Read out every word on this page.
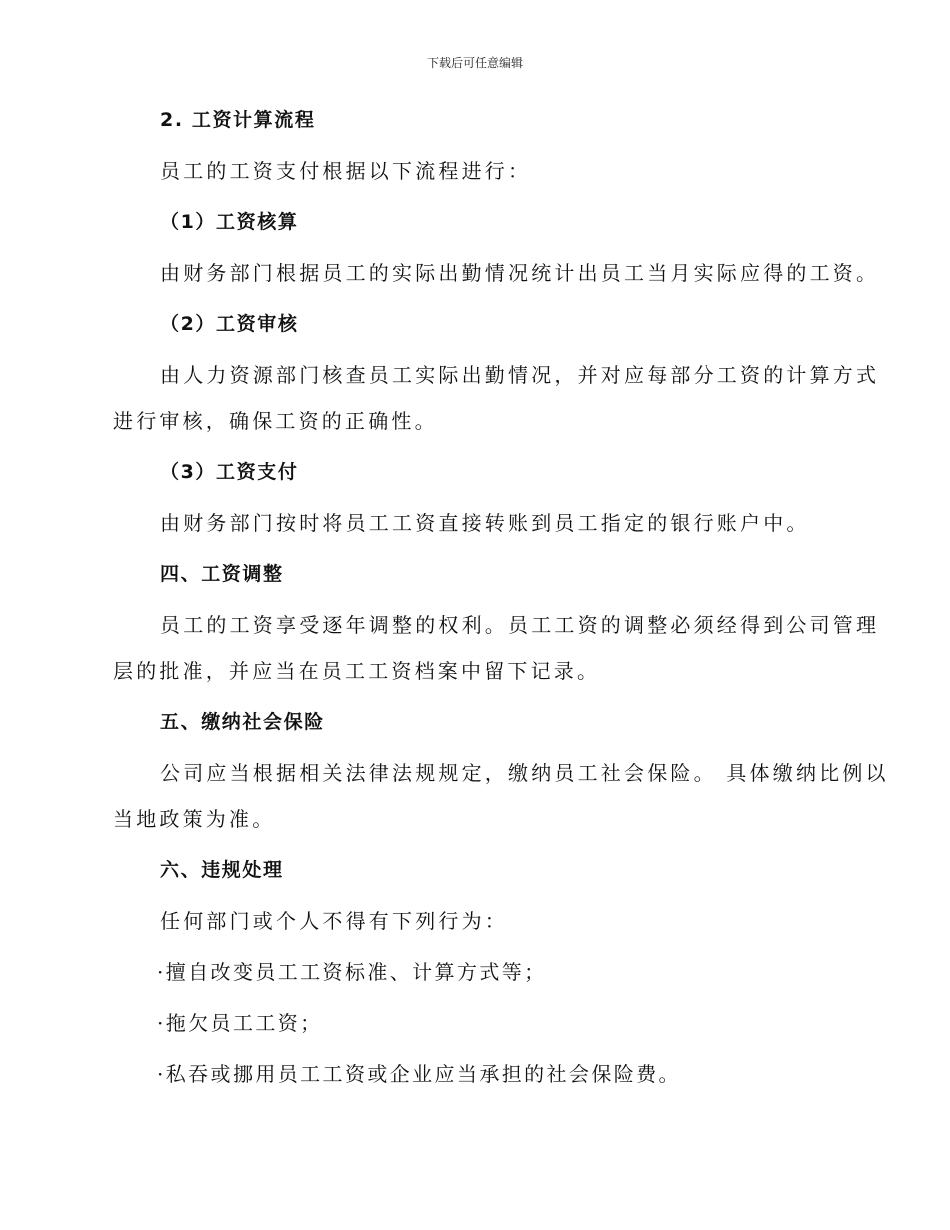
下载后可任意编辑
2. 工资计算流程
员工的工资支付根据以下流程进行：
（1）工资核算
由财务部门根据员工的实际出勤情况统计出员工当月实际应得的工资。
（2）工资审核
由人力资源部门核查员工实际出勤情况，并对应每部分工资的计算方式
进行审核，确保工资的正确性。
（3）工资支付
由财务部门按时将员工工资直接转账到员工指定的银行账户中。
四、工资调整
员工的工资享受逐年调整的权利。员工工资的调整必须经得到公司管理
层的批准，并应当在员工工资档案中留下记录。
五、缴纳社会保险
公司应当根据相关法律法规规定，缴纳员工社会保险。 具体缴纳比例以
当地政策为准。
六、违规处理
任何部门或个人不得有下列行为：
·擅自改变员工工资标准、计算方式等；
·拖欠员工工资；
·私吞或挪用员工工资或企业应当承担的社会保险费。
